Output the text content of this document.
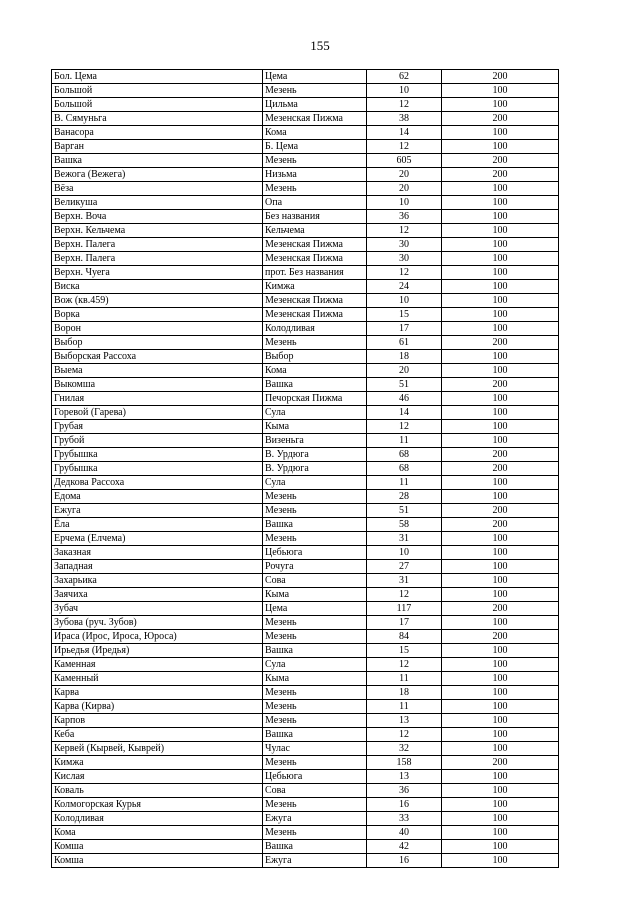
155
Бол. Цема	Цема	62	200
Большой	Мезень	10	100
Большой	Цильма	12	100
В. Сямуньга	Мезенская Пижма	38	200
Ванасора	Кома	14	100
Варган	Б. Цема	12	100
Вашка	Мезень	605	200
Вежога (Вежега)	Низьма	20	200
Вёза	Мезень	20	100
Великуша	Опа	10	100
Верхн. Воча	Без названия	36	100
Верхн. Кельчема	Кельчема	12	100
Верхн. Палега	Мезенская Пижма	30	100
Верхн. Палега	Мезенская Пижма	30	100
Верхн. Чуега	прот. Без названия	12	100
Виска	Кимжа	24	100
Вож (кв.459)	Мезенская Пижма	10	100
Ворка	Мезенская Пижма	15	100
Ворон	Колодливая	17	100
Выбор	Мезень	61	200
Выборская Рассоха	Выбор	18	100
Выема	Кома	20	100
Выкомша	Вашка	51	200
Гнилая	Печорская Пижма	46	100
Горевой (Гарева)	Сула	14	100
Грубая	Кыма	12	100
Грубой	Визеньга	11	100
Грубышка	В. Урдюга	68	200
Грубышка	В. Урдюга	68	200
Дедкова Рассоха	Сула	11	100
Едома	Мезень	28	100
Ежуга	Мезень	51	200
Ёла	Вашка	58	200
Ерчема (Елчема)	Мезень	31	100
Заказная	Цебьюга	10	100
Западная	Рочуга	27	100
Захарьика	Сова	31	100
Заячиха	Кыма	12	100
Зубач	Цема	117	200
Зубова (руч. Зубов)	Мезень	17	100
Ираса (Ирос, Ироса, Юроса)	Мезень	84	200
Ирьедья (Иредья)	Вашка	15	100
Каменная	Сула	12	100
Каменный	Кыма	11	100
Карва	Мезень	18	100
Карва (Кирва)	Мезень	11	100
Карпов	Мезень	13	100
Кеба	Вашка	12	100
Кервей (Кырвей, Кыврей)	Чулас	32	100
Кимжа	Мезень	158	200
Кислая	Цебьюга	13	100
Коваль	Сова	36	100
Колмогорская Курья	Мезень	16	100
Колодливая	Ежуга	33	100
Кома	Мезень	40	100
Комша	Вашка	42	100
Комша	Ежуга	16	100
